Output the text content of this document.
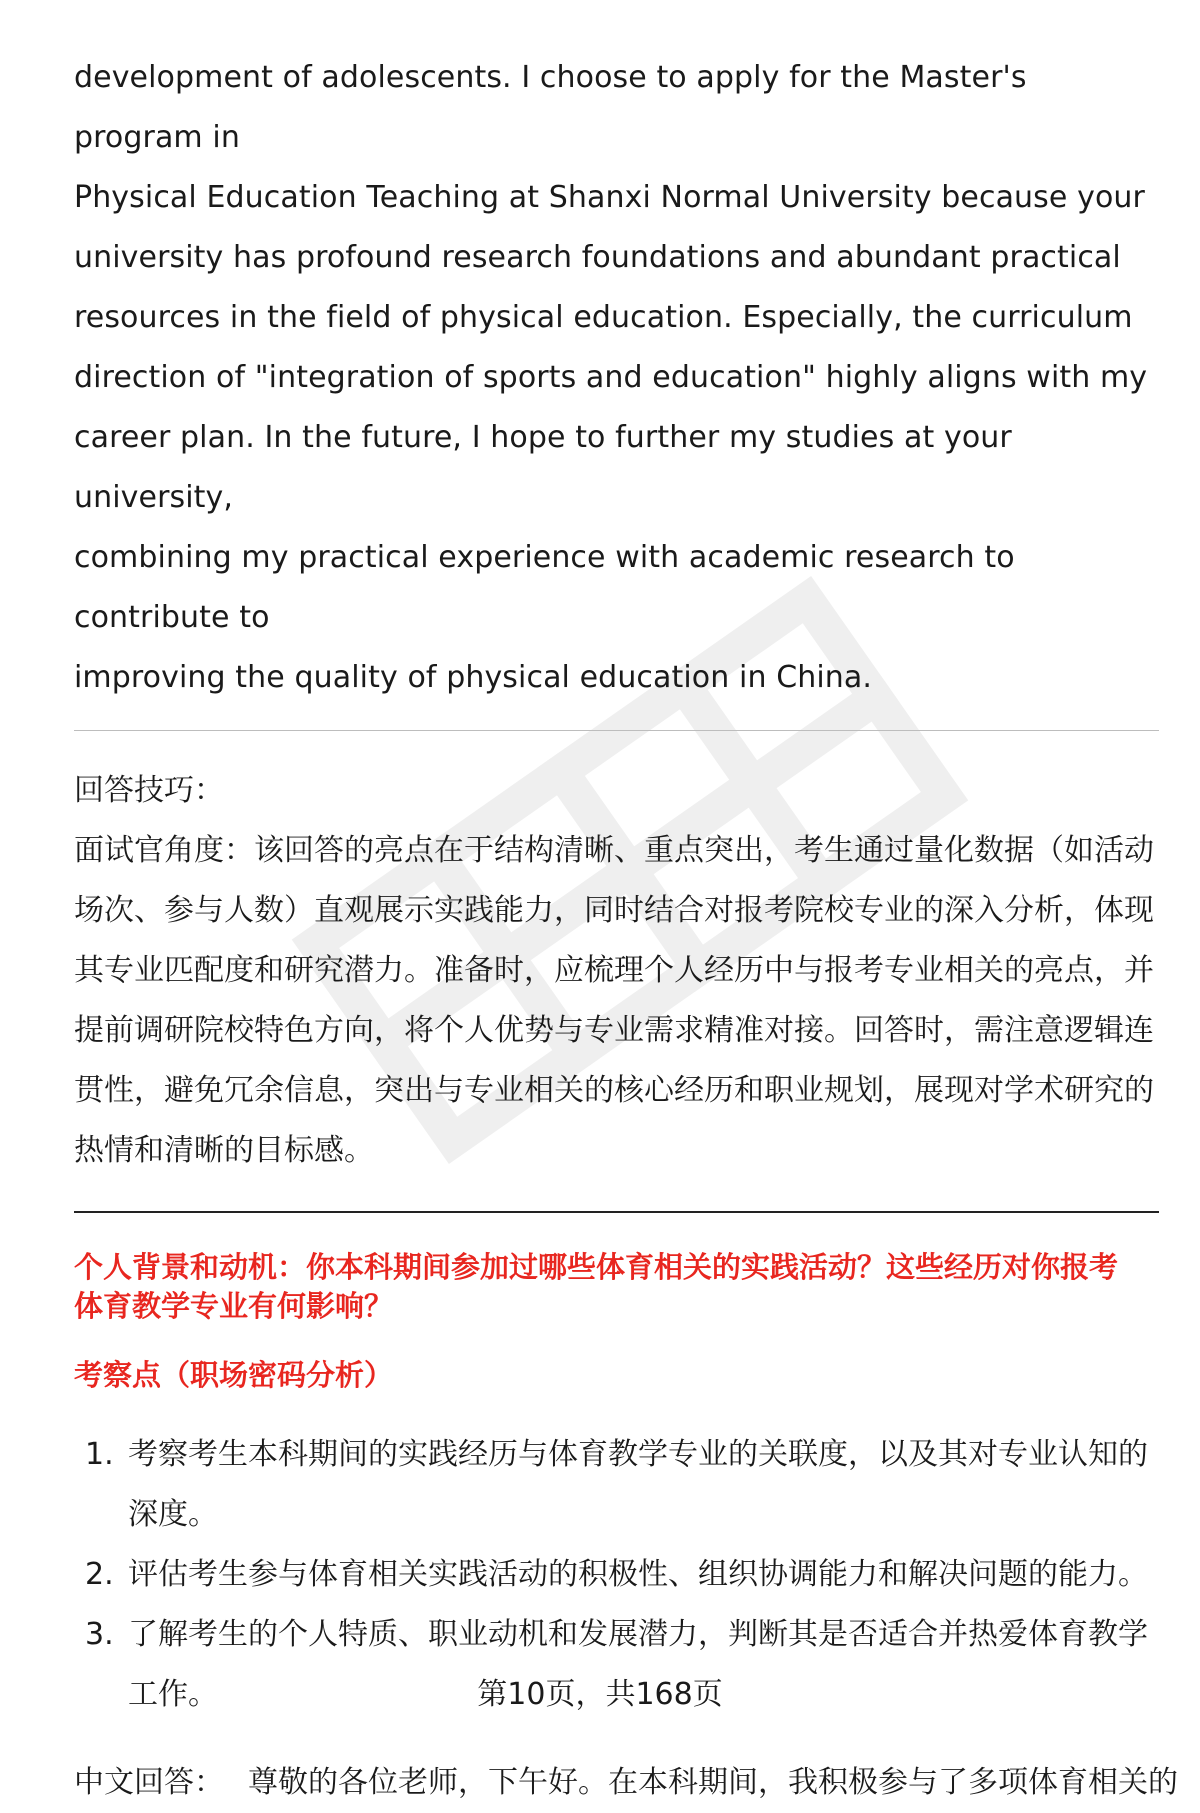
development of adolescents. I choose to apply for the Master's program in
Physical Education Teaching at Shanxi Normal University because your
university has profound research foundations and abundant practical
resources in the field of physical education. Especially, the curriculum
direction of "integration of sports and education" highly aligns with my
career plan. In the future, I hope to further my studies at your university,
combining my practical experience with academic research to contribute to
improving the quality of physical education in China.
回答技巧：
面试官角度：该回答的亮点在于结构清晰、重点突出，考生通过量化数据（如活动
场次、参与人数）直观展示实践能力，同时结合对报考院校专业的深入分析，体现
其专业匹配度和研究潜力。准备时，应梳理个人经历中与报考专业相关的亮点，并
提前调研院校特色方向，将个人优势与专业需求精准对接。回答时，需注意逻辑连
贯性，避免冗余信息，突出与专业相关的核心经历和职业规划，展现对学术研究的
热情和清晰的目标感。
个人背景和动机：你本科期间参加过哪些体育相关的实践活动？这些经历对你报考
体育教学专业有何影响？
考察点（职场密码分析）
1. 考察考生本科期间的实践经历与体育教学专业的关联度，以及其对专业认知的
深度。
2. 评估考生参与体育相关实践活动的积极性、组织协调能力和解决问题的能力。
3. 了解考生的个人特质、职业动机和发展潜力，判断其是否适合并热爱体育教学
工作。
中文回答： 尊敬的各位老师，下午好。在本科期间，我积极参与了多项体育相关的
第10页，共168页
